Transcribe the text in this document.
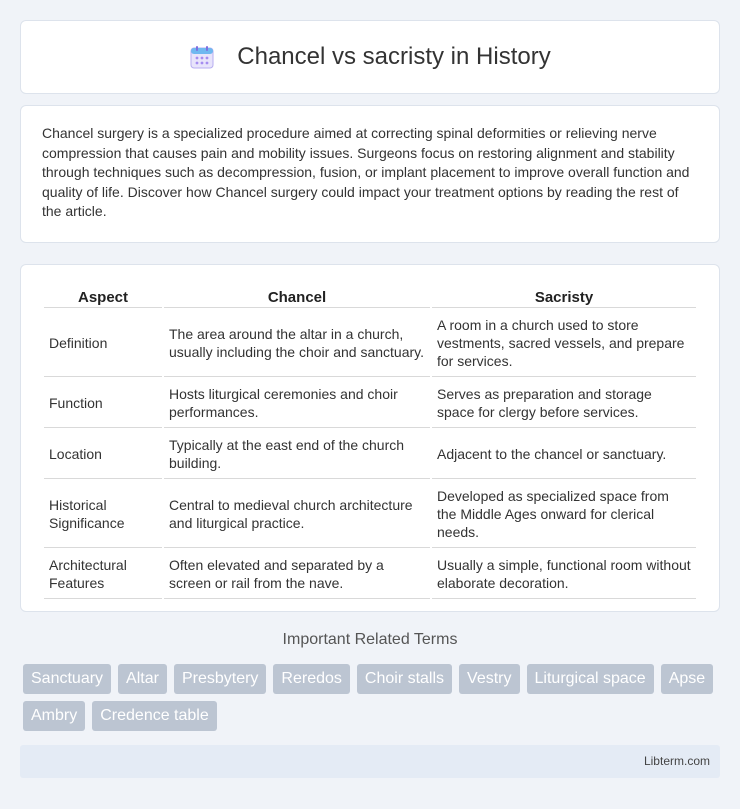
Chancel vs sacristy in History

Chancel surgery is a specialized procedure aimed at correcting spinal deformities or relieving nerve compression that causes pain and mobility issues. Surgeons focus on restoring alignment and stability through techniques such as decompression, fusion, or implant placement to improve overall function and quality of life. Discover how Chancel surgery could impact your treatment options by reading the rest of the article.

Aspect	Chancel	Sacristy
Definition	The area around the altar in a church, usually including the choir and sanctuary.	A room in a church used to store vestments, sacred vessels, and prepare for services.
Function	Hosts liturgical ceremonies and choir performances.	Serves as preparation and storage space for clergy before services.
Location	Typically at the east end of the church building.	Adjacent to the chancel or sanctuary.
Historical Significance	Central to medieval church architecture and liturgical practice.	Developed as specialized space from the Middle Ages onward for clerical needs.
Architectural Features	Often elevated and separated by a screen or rail from the nave.	Usually a simple, functional room without elaborate decoration.
Important Related Terms
Sanctuary	Altar	Presbytery	Reredos	Choir stalls	Vestry	Liturgical space	Apse
Ambry	Credence table
Libterm.com
